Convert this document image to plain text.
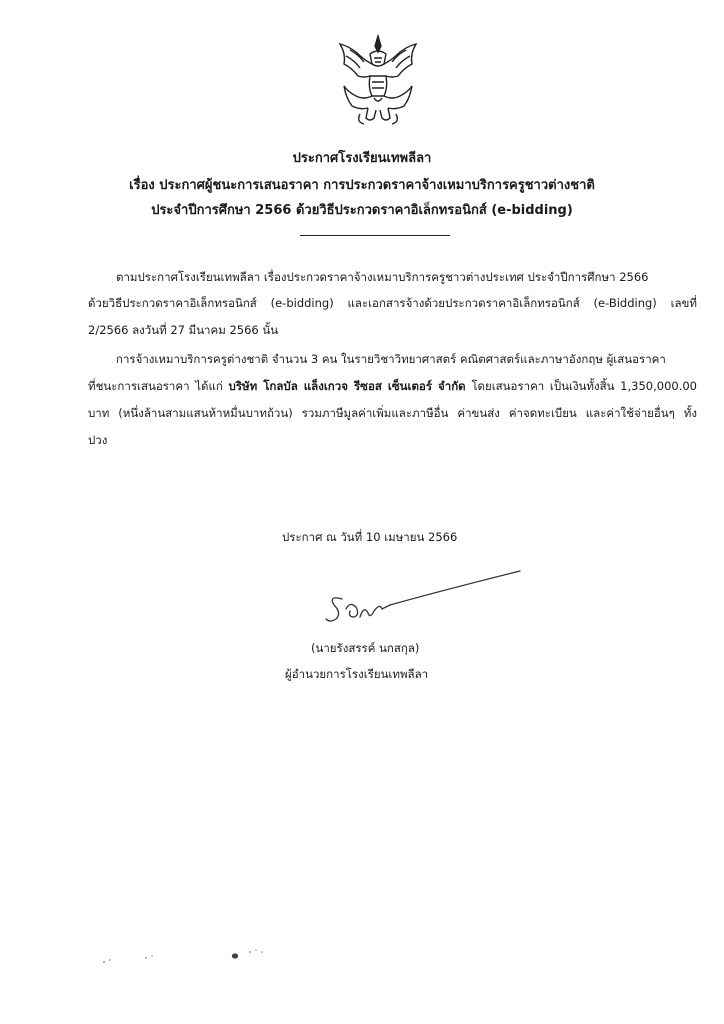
ประกาศโรงเรียนเทพลีลา
เรื่อง ประกาศผู้ชนะการเสนอราคา การประกวดราคาจ้างเหมาบริการครูชาวต่างชาติ
ประจำปีการศึกษา 2566 ด้วยวิธีประกวดราคาอิเล็กทรอนิกส์ (e-bidding)
ตามประกาศโรงเรียนเทพลีลา เรื่องประกวดราคาจ้างเหมาบริการครูชาวต่างประเทศ ประจำปีการศึกษา 2566
ด้วยวิธีประกวดราคาอิเล็กทรอนิกส์ (e-bidding) และเอกสารจ้างด้วยประกวดราคาอิเล็กทรอนิกส์ (e-Bidding) เลขที่
2/2566 ลงวันที่ 27 มีนาคม 2566 นั้น
การจ้างเหมาบริการครูต่างชาติ จำนวน 3 คน ในรายวิชาวิทยาศาสตร์ คณิตศาสตร์และภาษาอังกฤษ ผู้เสนอราคา
ที่ชนะการเสนอราคา ได้แก่ บริษัท โกลบัล แล็งเกวจ รีซอส เซ็นเตอร์ จำกัด โดยเสนอราคา เป็นเงินทั้งสิ้น 1,350,000.00
บาท (หนึ่งล้านสามแสนห้าหมื่นบาทถ้วน) รวมภาษีมูลค่าเพิ่มและภาษีอื่น ค่าขนส่ง ค่าจดทะเบียน และค่าใช้จ่ายอื่นๆ ทั้ง
ปวง
ประกาศ ณ วันที่ 10 เมษายน 2566
(นายรังสรรค์ นกสกุล)
ผู้อำนวยการโรงเรียนเทพลีลา
